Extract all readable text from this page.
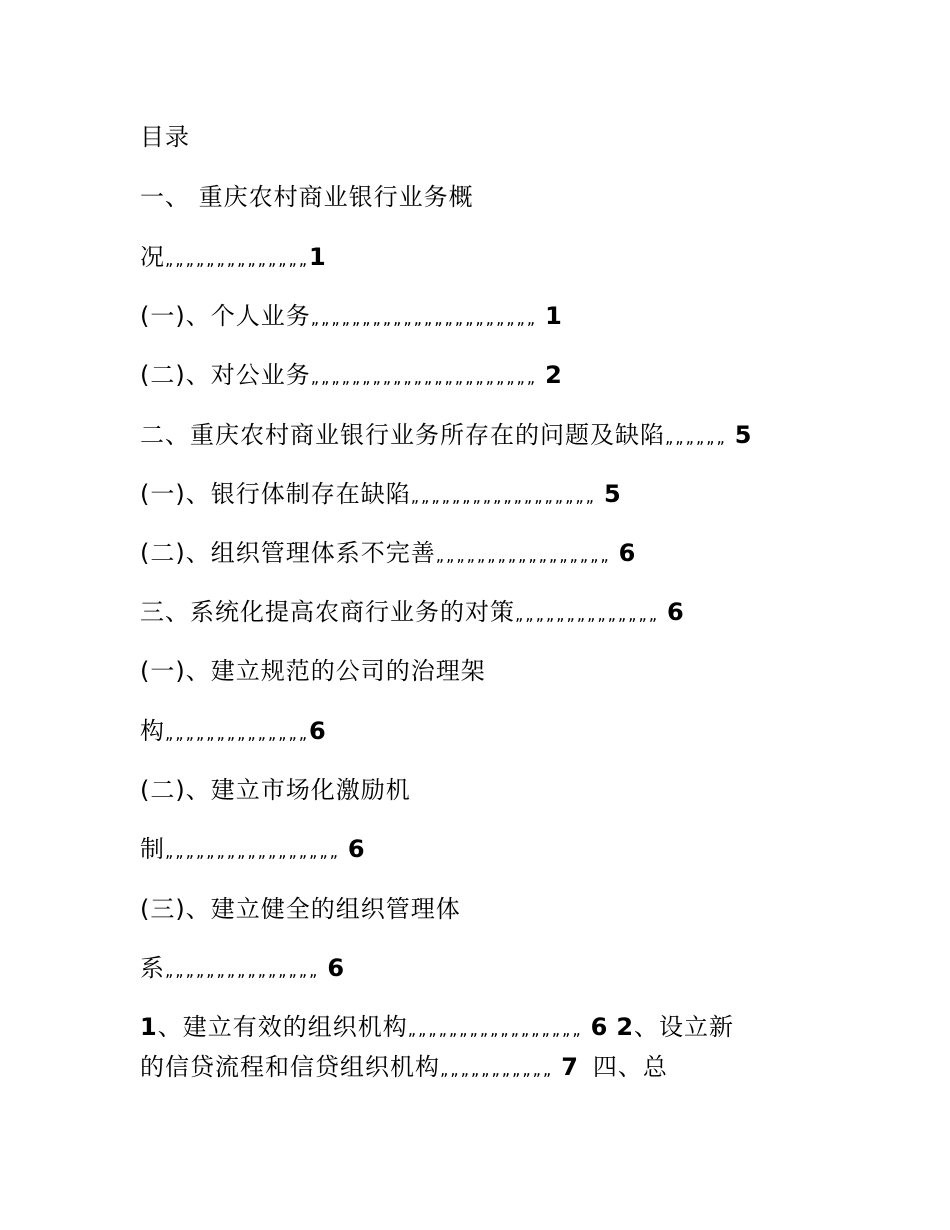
目录
一、 重庆农村商业银行业务概
况„„„„„„„„„„„„„„1
(一)、个人业务„„„„„„„„„„„„„„„„„„„„„„ 1
(二)、对公业务„„„„„„„„„„„„„„„„„„„„„„ 2
二、重庆农村商业银行业务所存在的问题及缺陷„„„„„„ 5
(一)、银行体制存在缺陷„„„„„„„„„„„„„„„„„„ 5
(二)、组织管理体系不完善„„„„„„„„„„„„„„„„„ 6
三、系统化提高农商行业务的对策„„„„„„„„„„„„„„ 6
(一)、建立规范的公司的治理架
构„„„„„„„„„„„„„„6
(二)、建立市场化激励机
制„„„„„„„„„„„„„„„„„ 6
(三)、建立健全的组织管理体
系„„„„„„„„„„„„„„„ 6
1、建立有效的组织机构„„„„„„„„„„„„„„„„„ 6 2、设立新
的信贷流程和信贷组织机构„„„„„„„„„„„ 7 四、总
